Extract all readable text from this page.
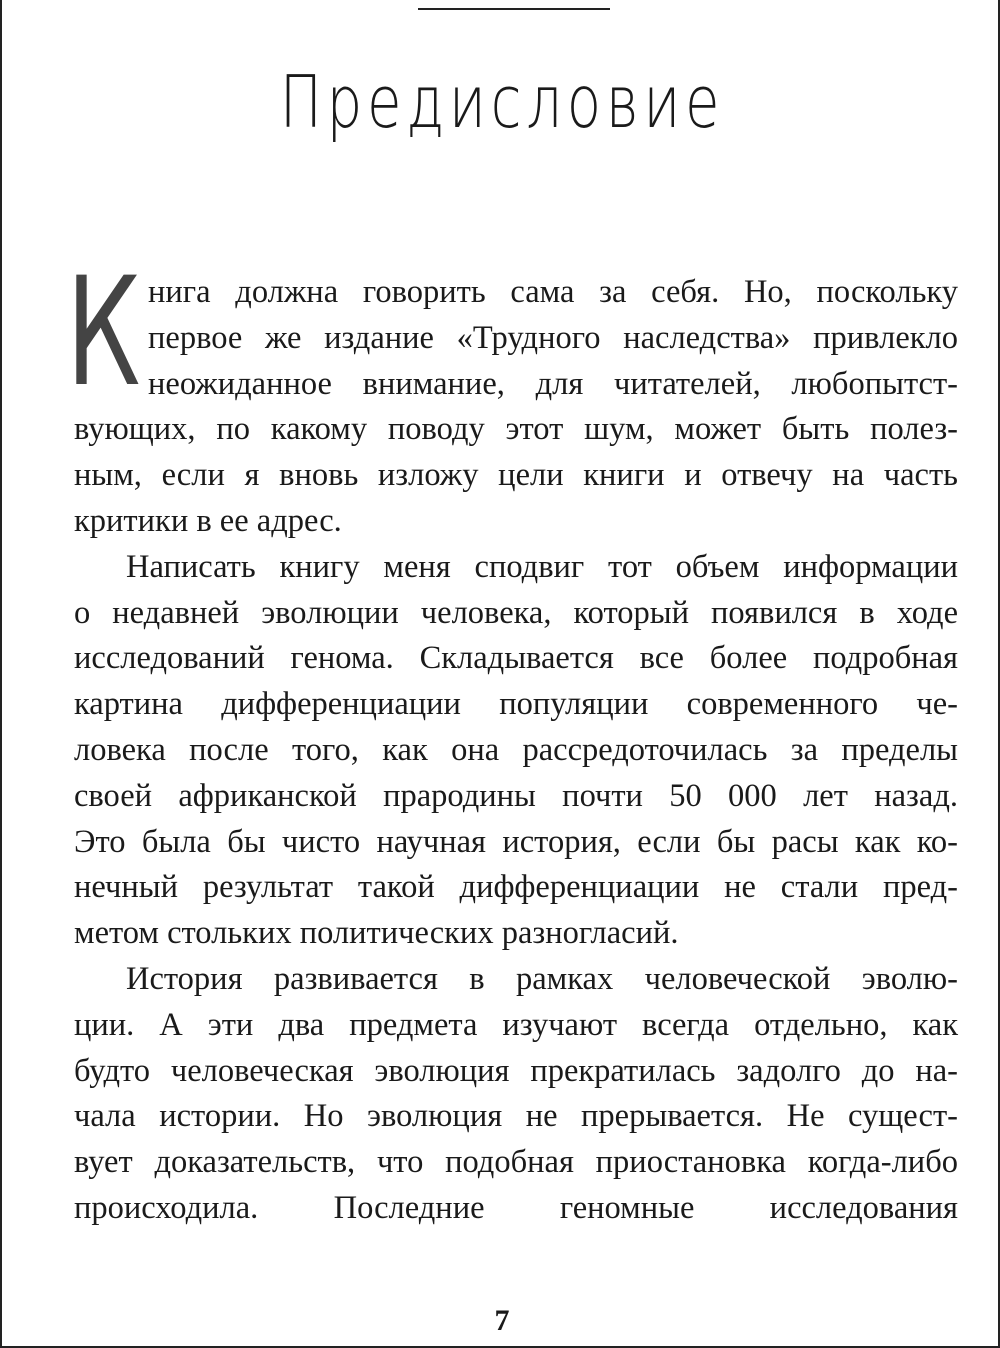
Предисловие
К нига должна говорить сама за себя. Но, поскольку
первое же издание «Трудного наследства» привлекло
неожиданное внимание, для читателей, любопытст-
вующих, по какому поводу этот шум, может быть полез-
ным, если я вновь изложу цели книги и отвечу на часть
критики в ее адрес.
Написать книгу меня сподвиг тот объем информации
о недавней эволюции человека, который появился в ходе
исследований генома. Складывается все более подробная
картина дифференциации популяции современного че-
ловека после того, как она рассредоточилась за пределы
своей африканской прародины почти 50 000 лет назад.
Это была бы чисто научная история, если бы расы как ко-
нечный результат такой дифференциации не стали пред-
метом стольких политических разногласий.
История развивается в рамках человеческой эволю-
ции. А эти два предмета изучают всегда отдельно, как
будто человеческая эволюция прекратилась задолго до на-
чала истории. Но эволюция не прерывается. Не сущест-
вует доказательств, что подобная приостановка когда-либо
происходила. Последние геномные исследования
7
